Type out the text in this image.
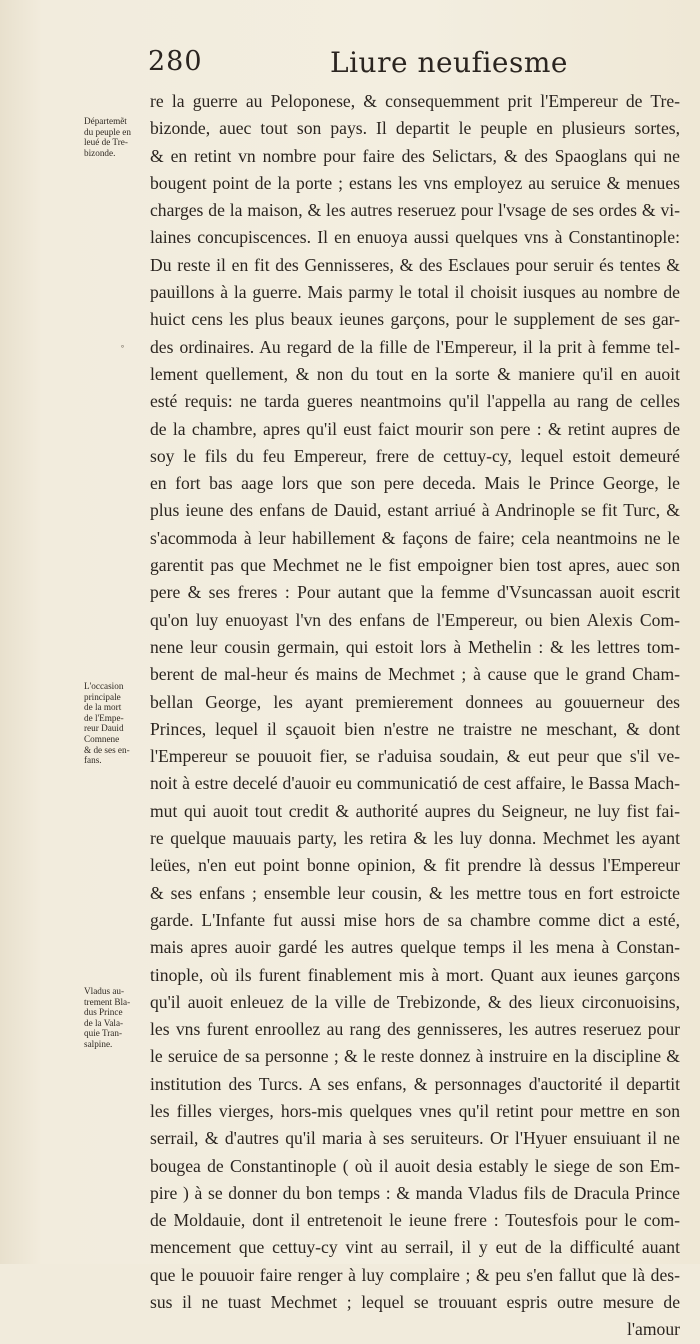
280	Liure neufiesme
Départemẽt
du peuple en
leué de Tre-
bizonde.
L'occasion
principale
de la mort
de l'Empe-
reur Dauid
Comnene
& de ses en-
fans.
Vladus au-
trement Bla-
dus Prince
de la Vala-
quie Tran-
salpine.
˚
re la guerre au Peloponese, & consequemment prit l'Empereur de Tre-
bizonde, auec tout son pays. Il departit le peuple en plusieurs sortes,
& en retint vn nombre pour faire des Selictars, & des Spaoglans qui ne
bougent point de la porte ; estans les vns employez au seruice & menues
charges de la maison, & les autres reseruez pour l'vsage de ses ordes & vi-
laines concupiscences. Il en enuoya aussi quelques vns à Constantinople:
Du reste il en fit des Gennisseres, & des Esclaues pour seruir és tentes &
pauillons à la guerre. Mais parmy le total il choisit iusques au nombre de
huict cens les plus beaux ieunes garçons, pour le supplement de ses gar-
des ordinaires. Au regard de la fille de l'Empereur, il la prit à femme tel-
lement quellement, & non du tout en la sorte & maniere qu'il en auoit
esté requis: ne tarda gueres neantmoins qu'il l'appella au rang de celles
de la chambre, apres qu'il eust faict mourir son pere : & retint aupres de
soy le fils du feu Empereur, frere de cettuy-cy, lequel estoit demeuré
en fort bas aage lors que son pere deceda. Mais le Prince George, le
plus ieune des enfans de Dauid, estant arriué à Andrinople se fit Turc, &
s'acommoda à leur habillement & façons de faire; cela neantmoins ne le
garentit pas que Mechmet ne le fist empoigner bien tost apres, auec son
pere & ses freres : Pour autant que la femme d'Vsuncassan auoit escrit
qu'on luy enuoyast l'vn des enfans de l'Empereur, ou bien Alexis Com-
nene leur cousin germain, qui estoit lors à Methelin : & les lettres tom-
berent de mal-heur és mains de Mechmet ; à cause que le grand Cham-
bellan George, les ayant premierement donnees au gouuerneur des
Princes, lequel il sçauoit bien n'estre ne traistre ne meschant, & dont
l'Empereur se pouuoit fier, se r'aduisa soudain, & eut peur que s'il ve-
noit à estre decelé d'auoir eu communicatió de cest affaire, le Bassa Mach-
mut qui auoit tout credit & authorité aupres du Seigneur, ne luy fist fai-
re quelque mauuais party, les retira & les luy donna. Mechmet les ayant
leües, n'en eut point bonne opinion, & fit prendre là dessus l'Empereur
& ses enfans ; ensemble leur cousin, & les mettre tous en fort estroicte
garde. L'Infante fut aussi mise hors de sa chambre comme dict a esté,
mais apres auoir gardé les autres quelque temps il les mena à Constan-
tinople, où ils furent finablement mis à mort. Quant aux ieunes garçons
qu'il auoit enleuez de la ville de Trebizonde, & des lieux circonuoisins,
les vns furent enroollez au rang des gennisseres, les autres reseruez pour
le seruice de sa personne ; & le reste donnez à instruire en la discipline &
institution des Turcs. A ses enfans, & personnages d'auctorité il departit
les filles vierges, hors-mis quelques vnes qu'il retint pour mettre en son
serrail, & d'autres qu'il maria à ses seruiteurs. Or l'Hyuer ensuiuant il ne
bougea de Constantinople ( où il auoit desia estably le siege de son Em-
pire ) à se donner du bon temps : & manda Vladus fils de Dracula Prince
de Moldauie, dont il entretenoit le ieune frere : Toutesfois pour le com-
mencement que cettuy-cy vint au serrail, il y eut de la difficulté auant
que le pouuoir faire renger à luy complaire ; & peu s'en fallut que là des-
sus il ne tuast Mechmet ; lequel se trouuant espris outre mesure de
l'amour
